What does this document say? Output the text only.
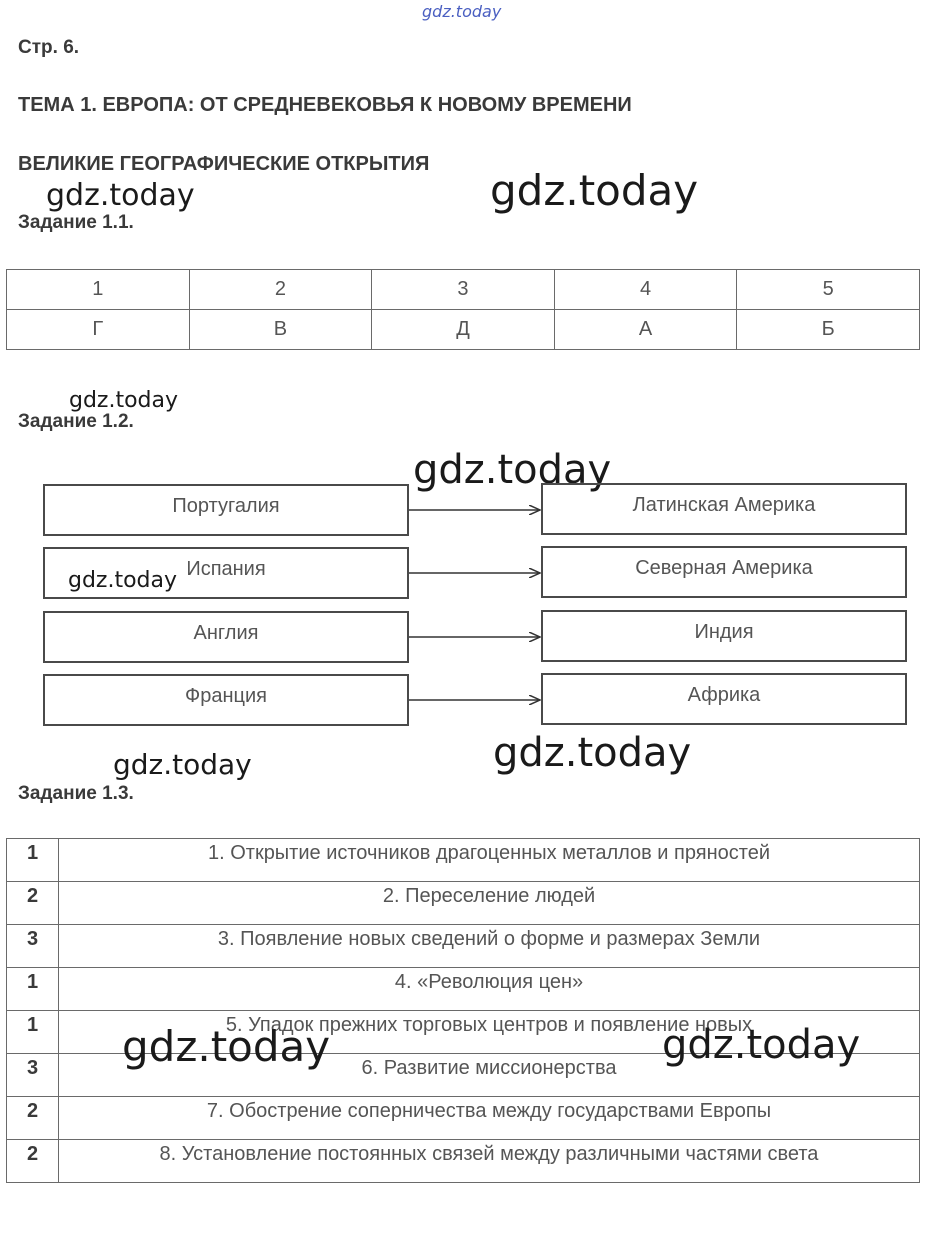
gdz.today
Стр. 6.
ТЕМА 1. ЕВРОПА: ОТ СРЕДНЕВЕКОВЬЯ К НОВОМУ ВРЕМЕНИ
ВЕЛИКИЕ ГЕОГРАФИЧЕСКИЕ ОТКРЫТИЯ
gdz.today	gdz.today
Задание 1.1.
1	2	3	4	5
Г	В	Д	А	Б
gdz.today
Задание 1.2.
gdz.today
Португалия	Латинская Америка
Испания	Северная Америка
Англия	Индия
Франция	Африка
gdz.today
gdz.today
gdz.today
Задание 1.3.
1	1. Открытие источников драгоценных металлов и пряностей
2	2. Переселение людей
3	3. Появление новых сведений о форме и размерах Земли
1	4. «Революция цен»
1	5. Упадок прежних торговых центров и появление новых
3	6. Развитие миссионерства
2	7. Обострение соперничества между государствами Европы
2	8. Установление постоянных связей между различными частями света
gdz.today	gdz.today
